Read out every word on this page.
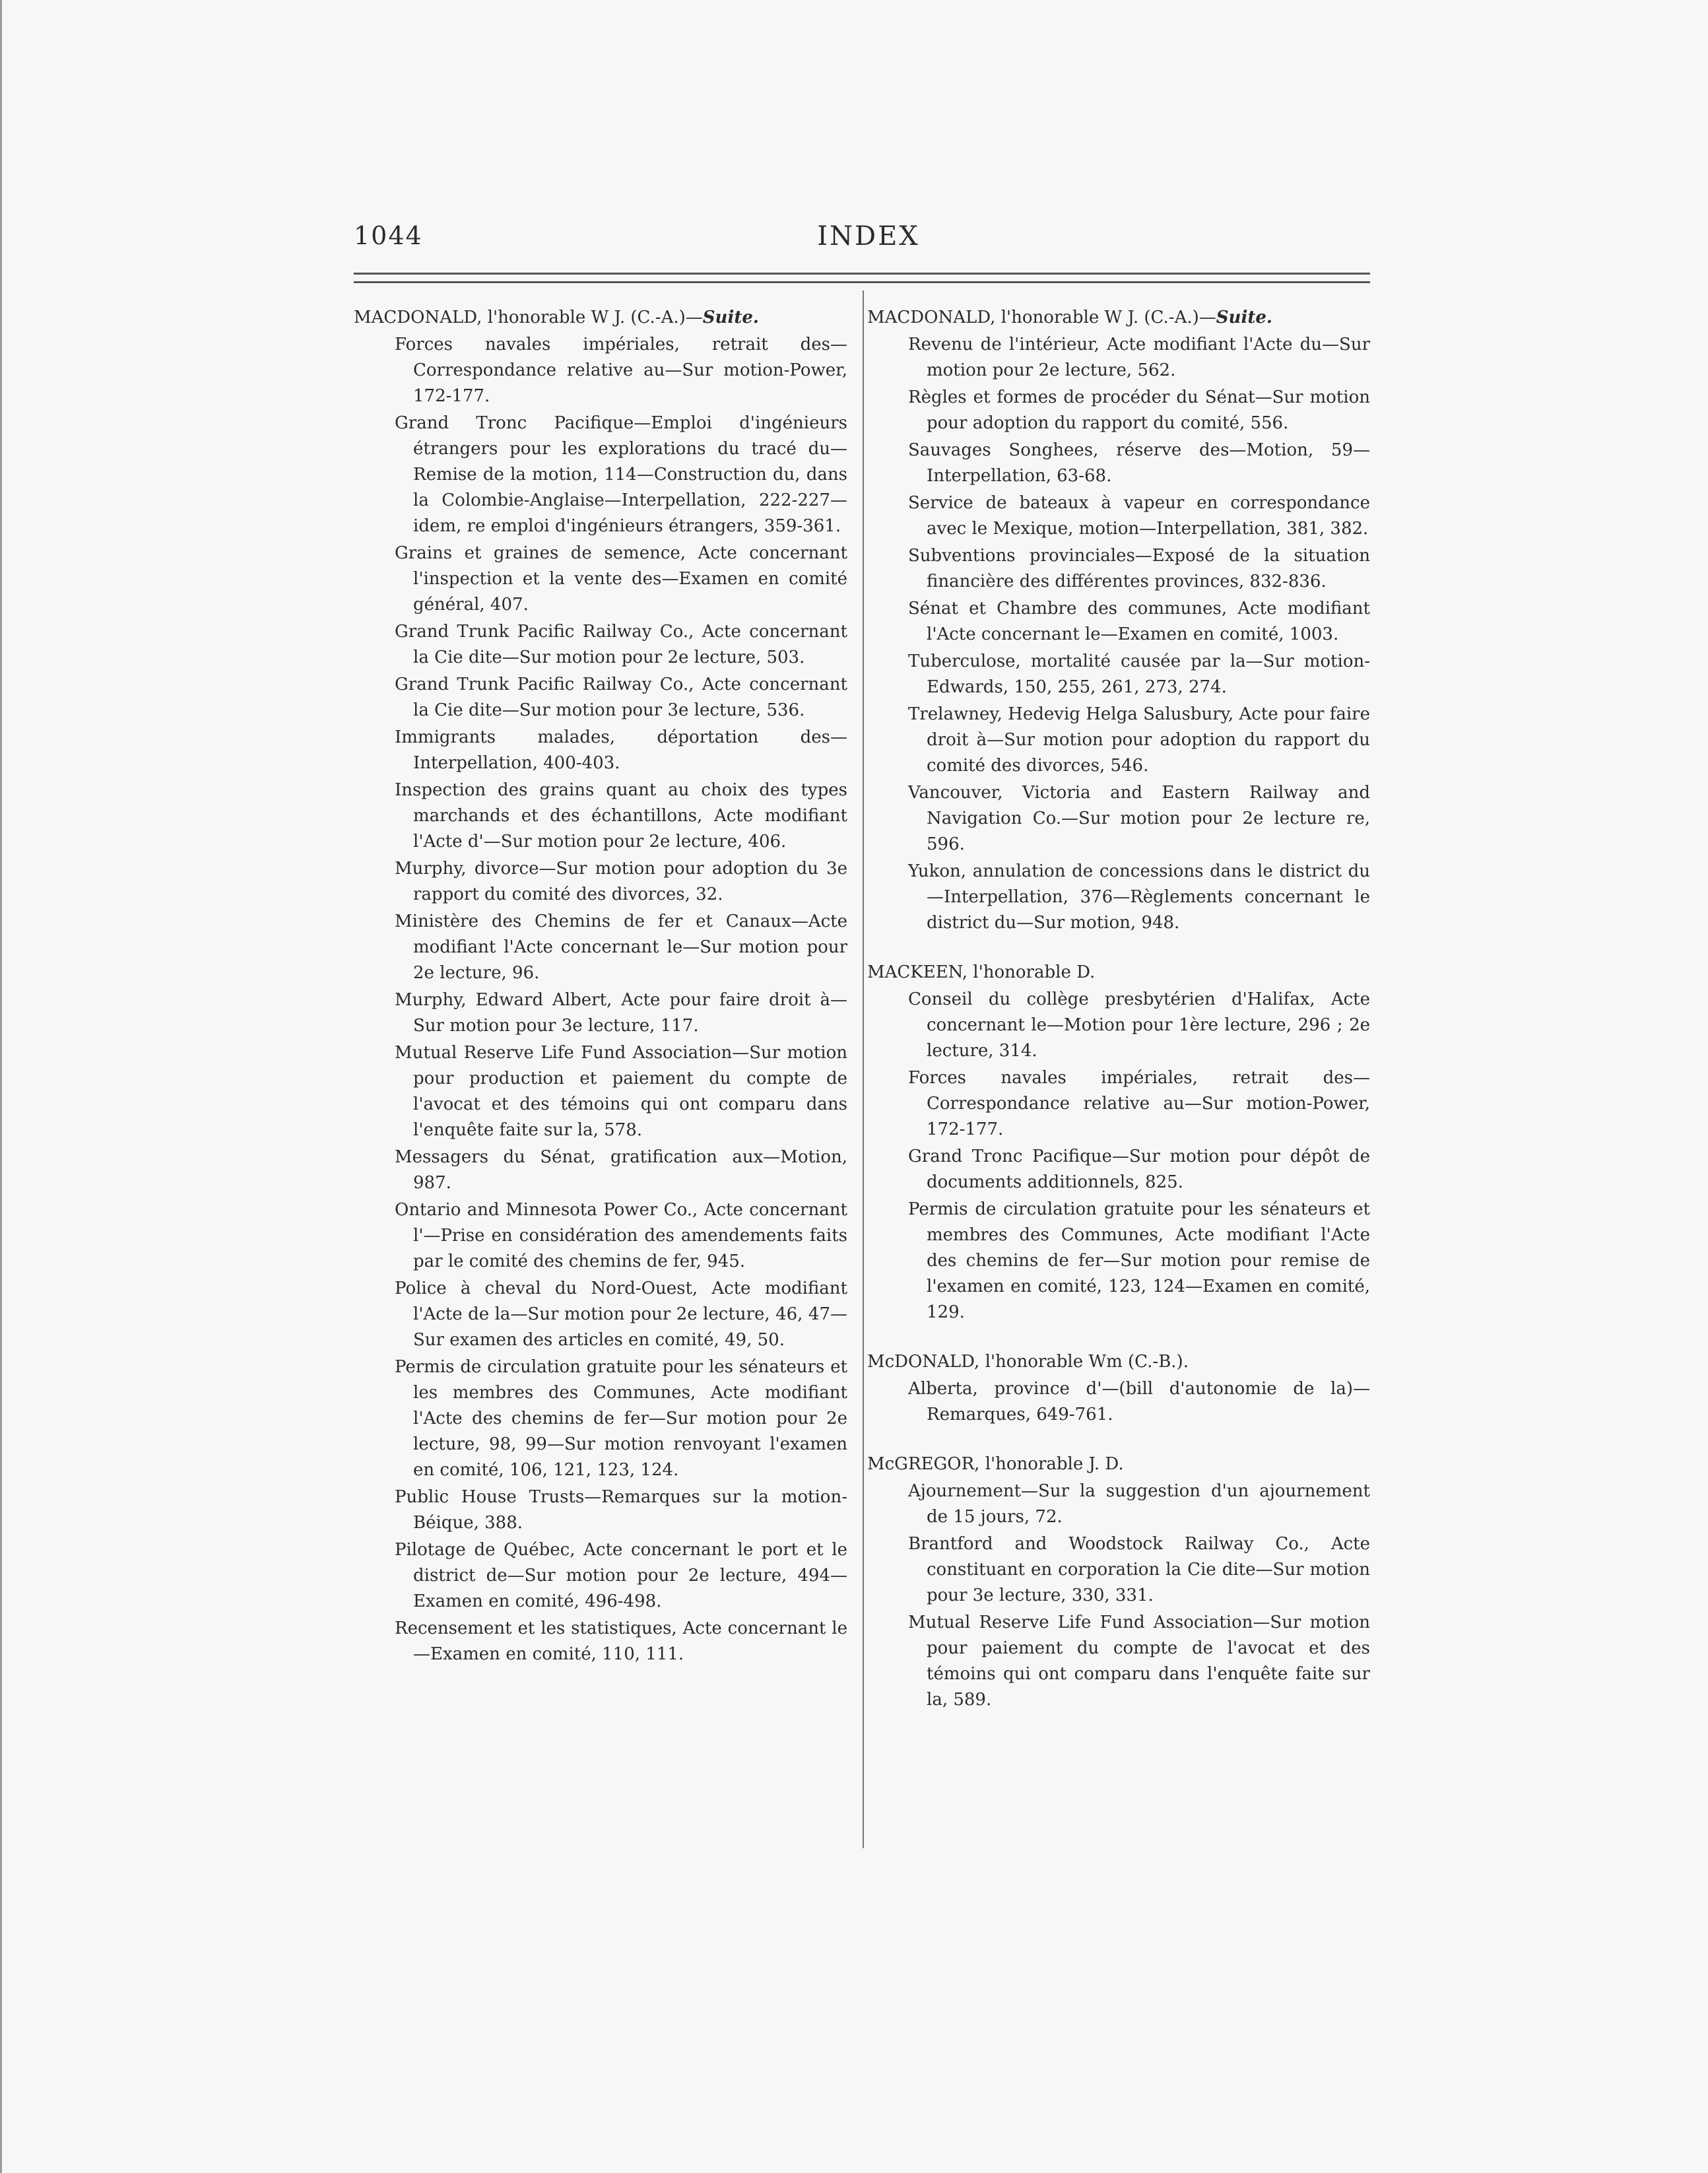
1044	INDEX
MACDONALD, l'honorable W J. (C.-A.)—Suite.
Forces navales impériales, retrait des—Correspondance relative au—Sur motion-Power, 172-177.
Grand Tronc Pacifique—Emploi d'ingénieurs étrangers pour les explorations du tracé du—Remise de la motion, 114—Construction du, dans la Colombie-Anglaise—Interpellation, 222-227—idem, re emploi d'ingénieurs étrangers, 359-361.
Grains et graines de semence, Acte concernant l'inspection et la vente des—Examen en comité général, 407.
Grand Trunk Pacific Railway Co., Acte concernant la Cie dite—Sur motion pour 2e lecture, 503.
Grand Trunk Pacific Railway Co., Acte concernant la Cie dite—Sur motion pour 3e lecture, 536.
Immigrants malades, déportation des—Interpellation, 400-403.
Inspection des grains quant au choix des types marchands et des échantillons, Acte modifiant l'Acte d'—Sur motion pour 2e lecture, 406.
Murphy, divorce—Sur motion pour adoption du 3e rapport du comité des divorces, 32.
Ministère des Chemins de fer et Canaux—Acte modifiant l'Acte concernant le—Sur motion pour 2e lecture, 96.
Murphy, Edward Albert, Acte pour faire droit à—Sur motion pour 3e lecture, 117.
Mutual Reserve Life Fund Association—Sur motion pour production et paiement du compte de l'avocat et des témoins qui ont comparu dans l'enquête faite sur la, 578.
Messagers du Sénat, gratification aux—Motion, 987.
Ontario and Minnesota Power Co., Acte concernant l'—Prise en considération des amendements faits par le comité des chemins de fer, 945.
Police à cheval du Nord-Ouest, Acte modifiant l'Acte de la—Sur motion pour 2e lecture, 46, 47—Sur examen des articles en comité, 49, 50.
Permis de circulation gratuite pour les sénateurs et les membres des Communes, Acte modifiant l'Acte des chemins de fer—Sur motion pour 2e lecture, 98, 99—Sur motion renvoyant l'examen en comité, 106, 121, 123, 124.
Public House Trusts—Remarques sur la motion-Béique, 388.
Pilotage de Québec, Acte concernant le port et le district de—Sur motion pour 2e lecture, 494—Examen en comité, 496-498.
Recensement et les statistiques, Acte concernant le—Examen en comité, 110, 111.
MACDONALD, l'honorable W J. (C.-A.)—Suite.
Revenu de l'intérieur, Acte modifiant l'Acte du—Sur motion pour 2e lecture, 562.
Règles et formes de procéder du Sénat—Sur motion pour adoption du rapport du comité, 556.
Sauvages Songhees, réserve des—Motion, 59—Interpellation, 63-68.
Service de bateaux à vapeur en correspondance avec le Mexique, motion—Interpellation, 381, 382.
Subventions provinciales—Exposé de la situation financière des différentes provinces, 832-836.
Sénat et Chambre des communes, Acte modifiant l'Acte concernant le—Examen en comité, 1003.
Tuberculose, mortalité causée par la—Sur motion-Edwards, 150, 255, 261, 273, 274.
Trelawney, Hedevig Helga Salusbury, Acte pour faire droit à—Sur motion pour adoption du rapport du comité des divorces, 546.
Vancouver, Victoria and Eastern Railway and Navigation Co.—Sur motion pour 2e lecture re, 596.
Yukon, annulation de concessions dans le district du—Interpellation, 376—Règlements concernant le district du—Sur motion, 948.
MACKEEN, l'honorable D.
Conseil du collège presbytérien d'Halifax, Acte concernant le—Motion pour 1ère lecture, 296 ; 2e lecture, 314.
Forces navales impériales, retrait des—Correspondance relative au—Sur motion-Power, 172-177.
Grand Tronc Pacifique—Sur motion pour dépôt de documents additionnels, 825.
Permis de circulation gratuite pour les sénateurs et membres des Communes, Acte modifiant l'Acte des chemins de fer—Sur motion pour remise de l'examen en comité, 123, 124—Examen en comité, 129.
McDONALD, l'honorable Wm (C.-B.).
Alberta, province d'—(bill d'autonomie de la)—Remarques, 649-761.
McGREGOR, l'honorable J. D.
Ajournement—Sur la suggestion d'un ajournement de 15 jours, 72.
Brantford and Woodstock Railway Co., Acte constituant en corporation la Cie dite—Sur motion pour 3e lecture, 330, 331.
Mutual Reserve Life Fund Association—Sur motion pour paiement du compte de l'avocat et des témoins qui ont comparu dans l'enquête faite sur la, 589.
